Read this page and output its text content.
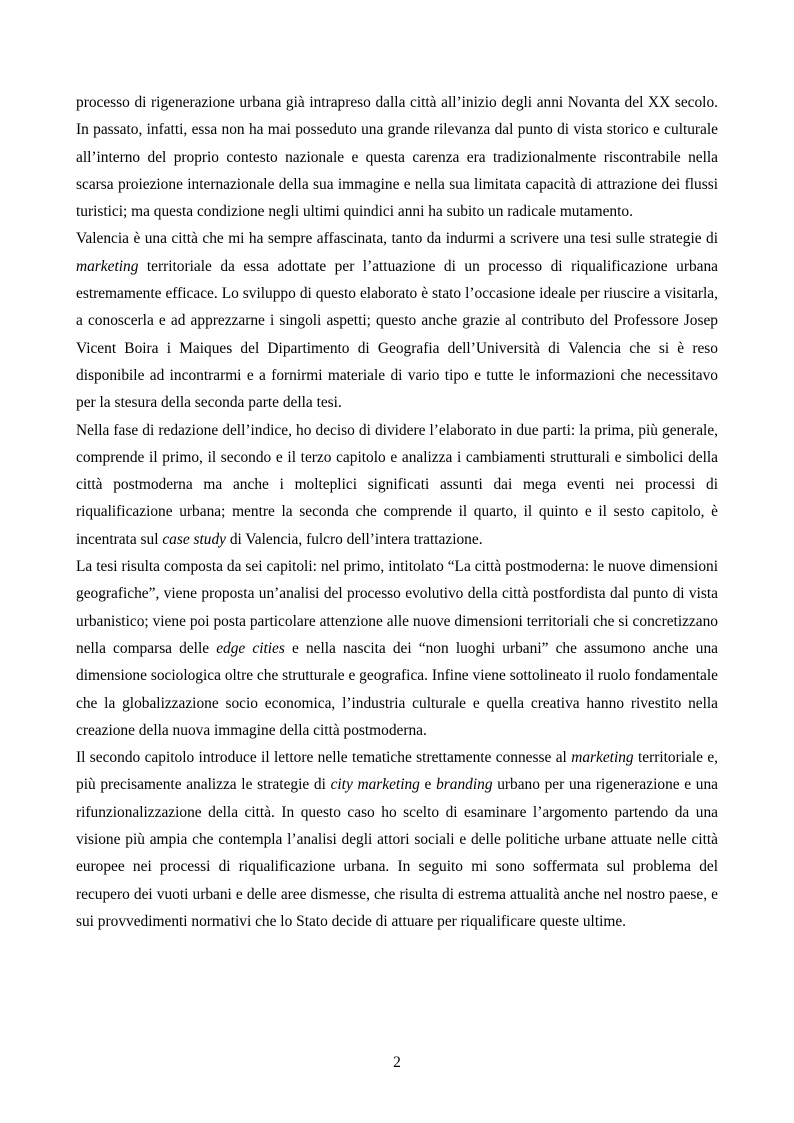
processo di rigenerazione urbana già intrapreso dalla città all’inizio degli anni Novanta del XX secolo. In passato, infatti, essa non ha mai posseduto una grande rilevanza dal punto di vista storico e culturale all’interno del proprio contesto nazionale e questa carenza era tradizionalmente riscontrabile nella scarsa proiezione internazionale della sua immagine e nella sua limitata capacità di attrazione dei flussi turistici; ma questa condizione negli ultimi quindici anni ha subito un radicale mutamento.

Valencia è una città che mi ha sempre affascinata, tanto da indurmi a scrivere una tesi sulle strategie di marketing territoriale da essa adottate per l’attuazione di un processo di riqualificazione urbana estremamente efficace. Lo sviluppo di questo elaborato è stato l’occasione ideale per riuscire a visitarla, a conoscerla e ad apprezzarne i singoli aspetti; questo anche grazie al contributo del Professore Josep Vicent Boira i Maiques del Dipartimento di Geografia dell’Università di Valencia che si è reso disponibile ad incontrarmi e a fornirmi materiale di vario tipo e tutte le informazioni che necessitavo per la stesura della seconda parte della tesi.

Nella fase di redazione dell’indice, ho deciso di dividere l’elaborato in due parti: la prima, più generale, comprende il primo, il secondo e il terzo capitolo e analizza i cambiamenti strutturali e simbolici della città postmoderna ma anche i molteplici significati assunti dai mega eventi nei processi di riqualificazione urbana; mentre la seconda che comprende il quarto, il quinto e il sesto capitolo, è incentrata sul case study di Valencia, fulcro dell’intera trattazione.

La tesi risulta composta da sei capitoli: nel primo, intitolato “La città postmoderna: le nuove dimensioni geografiche”, viene proposta un’analisi del processo evolutivo della città postfordista dal punto di vista urbanistico; viene poi posta particolare attenzione alle nuove dimensioni territoriali che si concretizzano nella comparsa delle edge cities e nella nascita dei “non luoghi urbani” che assumono anche una dimensione sociologica oltre che strutturale e geografica. Infine viene sottolineato il ruolo fondamentale che la globalizzazione socio economica, l’industria culturale e quella creativa hanno rivestito nella creazione della nuova immagine della città postmoderna.

Il secondo capitolo introduce il lettore nelle tematiche strettamente connesse al marketing territoriale e, più precisamente analizza le strategie di city marketing e branding urbano per una rigenerazione e una rifunzionalizzazione della città. In questo caso ho scelto di esaminare l’argomento partendo da una visione più ampia che contempla l’analisi degli attori sociali e delle politiche urbane attuate nelle città europee nei processi di riqualificazione urbana. In seguito mi sono soffermata sul problema del recupero dei vuoti urbani e delle aree dismesse, che risulta di estrema attualità anche nel nostro paese, e sui provvedimenti normativi che lo Stato decide di attuare per riqualificare queste ultime.

2
